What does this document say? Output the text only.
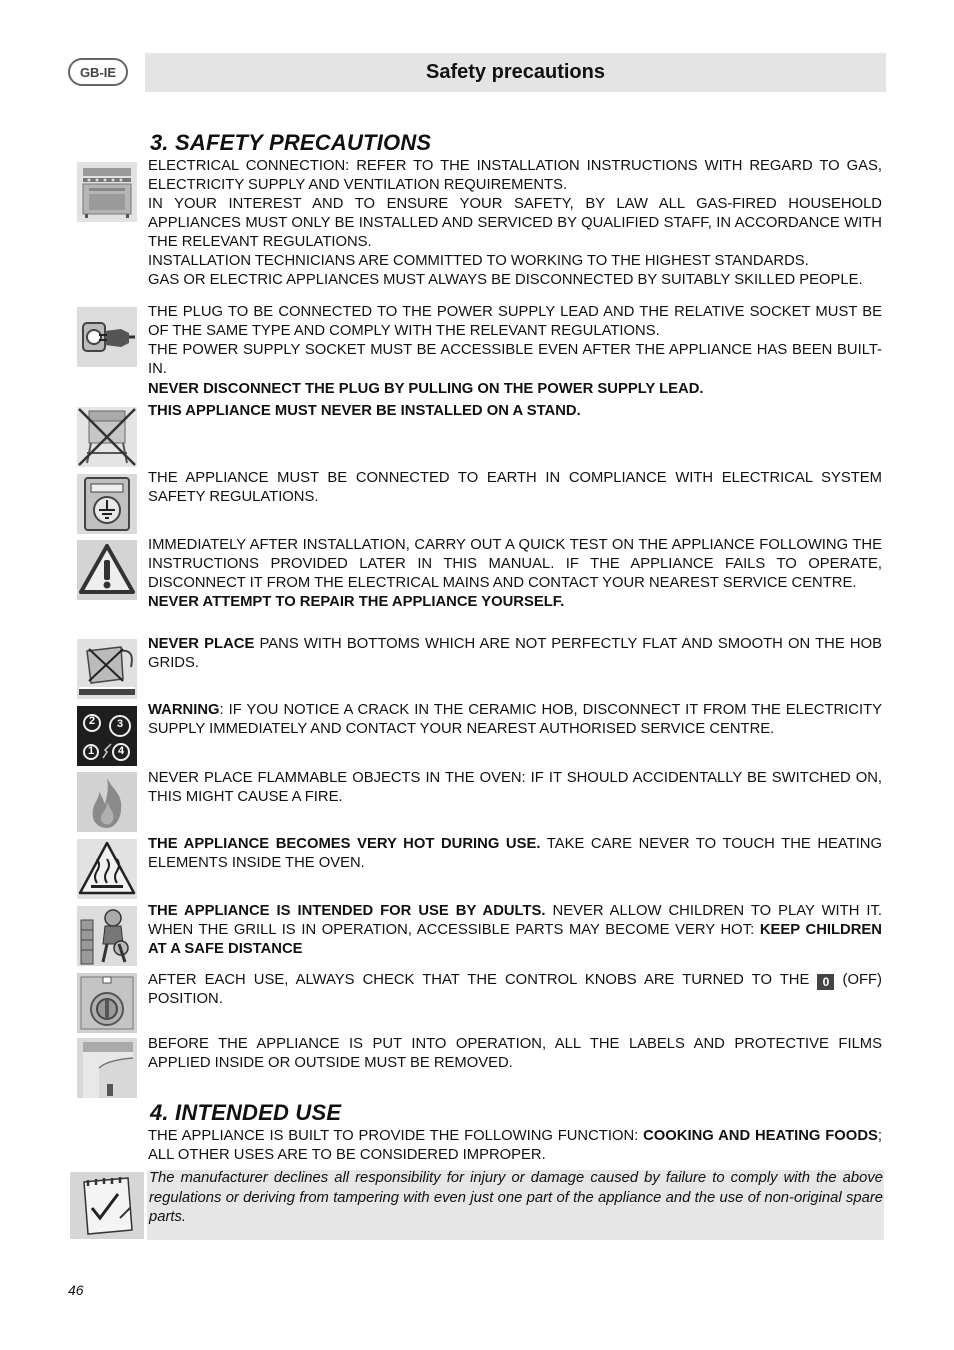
GB-IE	Safety precautions
3. SAFETY PRECAUTIONS
ELECTRICAL CONNECTION: REFER TO THE INSTALLATION INSTRUCTIONS WITH REGARD TO GAS, ELECTRICITY SUPPLY AND VENTILATION REQUIREMENTS.
IN YOUR INTEREST AND TO ENSURE YOUR SAFETY, BY LAW ALL GAS-FIRED HOUSEHOLD APPLIANCES MUST ONLY BE INSTALLED AND SERVICED BY QUALIFIED STAFF, IN ACCORDANCE WITH THE RELEVANT REGULATIONS.
INSTALLATION TECHNICIANS ARE COMMITTED TO WORKING TO THE HIGHEST STANDARDS.
GAS OR ELECTRIC APPLIANCES MUST ALWAYS BE DISCONNECTED BY SUITABLY SKILLED PEOPLE.
THE PLUG TO BE CONNECTED TO THE POWER SUPPLY LEAD AND THE RELATIVE SOCKET MUST BE OF THE SAME TYPE AND COMPLY WITH THE RELEVANT REGULATIONS.
THE POWER SUPPLY SOCKET MUST BE ACCESSIBLE EVEN AFTER THE APPLIANCE HAS BEEN BUILT-IN.
NEVER DISCONNECT THE PLUG BY PULLING ON THE POWER SUPPLY LEAD.
THIS APPLIANCE MUST NEVER BE INSTALLED ON A STAND.
THE APPLIANCE MUST BE CONNECTED TO EARTH IN COMPLIANCE WITH ELECTRICAL SYSTEM SAFETY REGULATIONS.
IMMEDIATELY AFTER INSTALLATION, CARRY OUT A QUICK TEST ON THE APPLIANCE FOLLOWING THE INSTRUCTIONS PROVIDED LATER IN THIS MANUAL. IF THE APPLIANCE FAILS TO OPERATE, DISCONNECT IT FROM THE ELECTRICAL MAINS AND CONTACT YOUR NEAREST SERVICE CENTRE.
NEVER ATTEMPT TO REPAIR THE APPLIANCE YOURSELF.
NEVER PLACE PANS WITH BOTTOMS WHICH ARE NOT PERFECTLY FLAT AND SMOOTH ON THE HOB GRIDS.
2 3
1 4
WARNING: IF YOU NOTICE A CRACK IN THE CERAMIC HOB, DISCONNECT IT FROM THE ELECTRICITY SUPPLY IMMEDIATELY AND CONTACT YOUR NEAREST AUTHORISED SERVICE CENTRE.
NEVER PLACE FLAMMABLE OBJECTS IN THE OVEN: IF IT SHOULD ACCIDENTALLY BE SWITCHED ON, THIS MIGHT CAUSE A FIRE.
THE APPLIANCE BECOMES VERY HOT DURING USE. TAKE CARE NEVER TO TOUCH THE HEATING ELEMENTS INSIDE THE OVEN.
THE APPLIANCE IS INTENDED FOR USE BY ADULTS. NEVER ALLOW CHILDREN TO PLAY WITH IT. WHEN THE GRILL IS IN OPERATION, ACCESSIBLE PARTS MAY BECOME VERY HOT: KEEP CHILDREN AT A SAFE DISTANCE
AFTER EACH USE, ALWAYS CHECK THAT THE CONTROL KNOBS ARE TURNED TO THE 0 (OFF) POSITION.
BEFORE THE APPLIANCE IS PUT INTO OPERATION, ALL THE LABELS AND PROTECTIVE FILMS APPLIED INSIDE OR OUTSIDE MUST BE REMOVED.
4. INTENDED USE
THE APPLIANCE IS BUILT TO PROVIDE THE FOLLOWING FUNCTION: COOKING AND HEATING FOODS; ALL OTHER USES ARE TO BE CONSIDERED IMPROPER.

The manufacturer declines all responsibility for injury or damage caused by failure to comply with the above regulations or deriving from tampering with even just one part of the appliance and the use of non-original spare parts.

46
